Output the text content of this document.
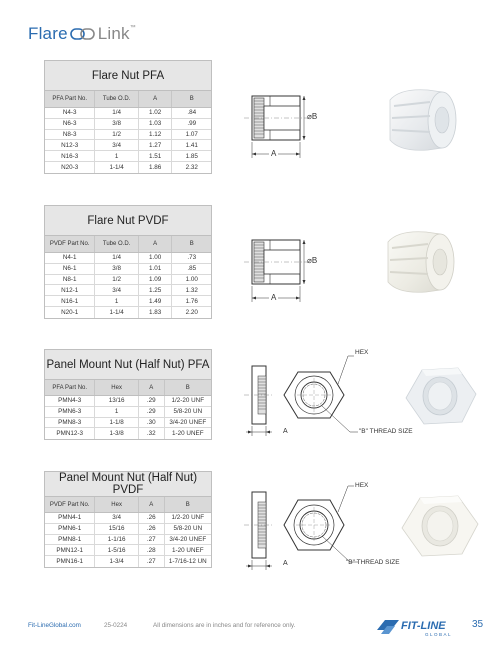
Flare Link ™
Flare Nut PFA
PFA Part No.	Tube O.D.	A	B
N4-3	1/4	1.02	.84
N6-3	3/8	1.03	.99
N8-3	1/2	1.12	1.07
N12-3	3/4	1.27	1.41
N16-3	1	1.51	1.85
N20-3	1-1/4	1.86	2.32
Flare Nut PVDF
PVDF Part No.	Tube O.D.	A	B
N4-1	1/4	1.00	.73
N6-1	3/8	1.01	.85
N8-1	1/2	1.09	1.00
N12-1	3/4	1.25	1.32
N16-1	1	1.49	1.76
N20-1	1-1/4	1.83	2.20
Panel Mount Nut (Half Nut) PFA
PFA Part No.	Hex	A	B
PMN4-3	13/16	.29	1/2-20 UNF
PMN6-3	1	.29	5/8-20 UN
PMN8-3	1-1/8	.30	3/4-20 UNEF
PMN12-3	1-3/8	.32	1-20 UNEF
Panel Mount Nut (Half Nut) PVDF
PVDF Part No.	Hex	A	B
PMN4-1	3/4	.26	1/2-20 UNF
PMN6-1	15/16	.26	5/8-20 UN
PMN8-1	1-1/16	.27	3/4-20 UNEF
PMN12-1	1-5/16	.28	1-20 UNEF
PMN16-1	1-3/4	.27	1-7/16-12 UN
⌀B
A
⌀B
A
HEX
"B" THREAD SIZE
A
HEX
"B" THREAD SIZE
A
Fit-LineGlobal.com	25-0224	All dimensions are in inches and for reference only.	FIT-LINE
GLOBAL
35
